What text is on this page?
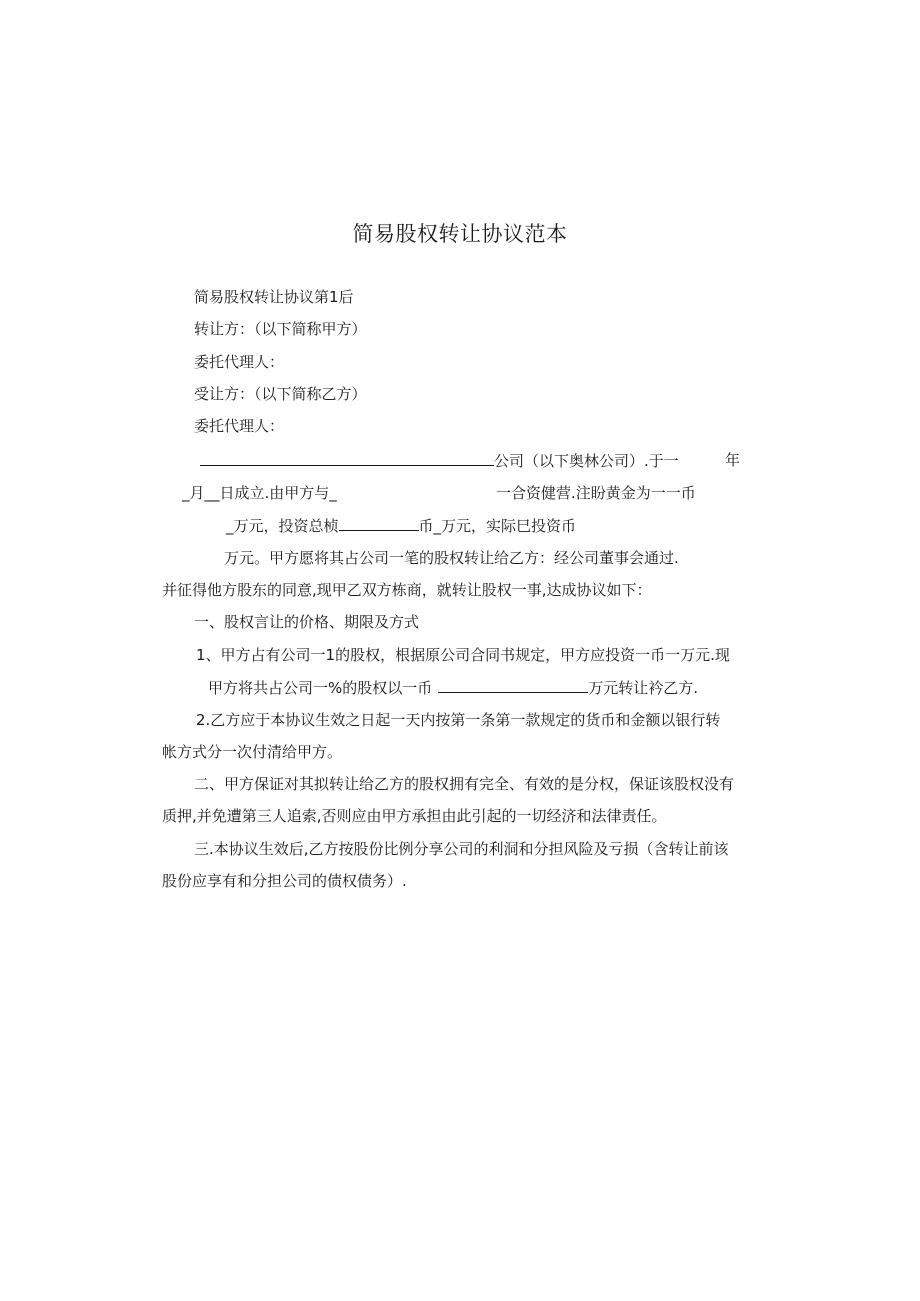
简易股权转让协议范本
简易股权转让协议第1后
转让方：（以下简称甲方）
委托代理人：
受让方：（以下简称乙方）
委托代理人：
公司（以下奥林公司）.于一	年
_月__日成立.由甲方与_	一合资健营.注盼黄金为一一币
_万元，投资总桢	币_万元，实际巳投资币
万元。甲方愿将其占公司一笔的股权转让给乙方：经公司董事会通过.
并征得他方股东的同意,现甲乙双方栋商，就转让股权一事,达成协议如下：
一、股权言让的价格、期限及方式
1、甲方占有公司一1的股权，根据原公司合同书规定，甲方应投资一币一万元.现
甲方将共占公司一%的股权以一币	万元转让衿乙方.
2.乙方应于本协议生效之日起一天内按第一条第一款规定的货币和金额以银行转
帐方式分一次付清给甲方。
二、甲方保证对其拟转让给乙方的股权拥有完全、有效的是分权，保证该股权没有
质押,并免遭第三人追索,否则应由甲方承担由此引起的一切经济和法律责任。
三.本协议生效后,乙方按股份比例分享公司的利洞和分担风险及亏损（含转让前该
股份应享有和分担公司的债权债务）.
